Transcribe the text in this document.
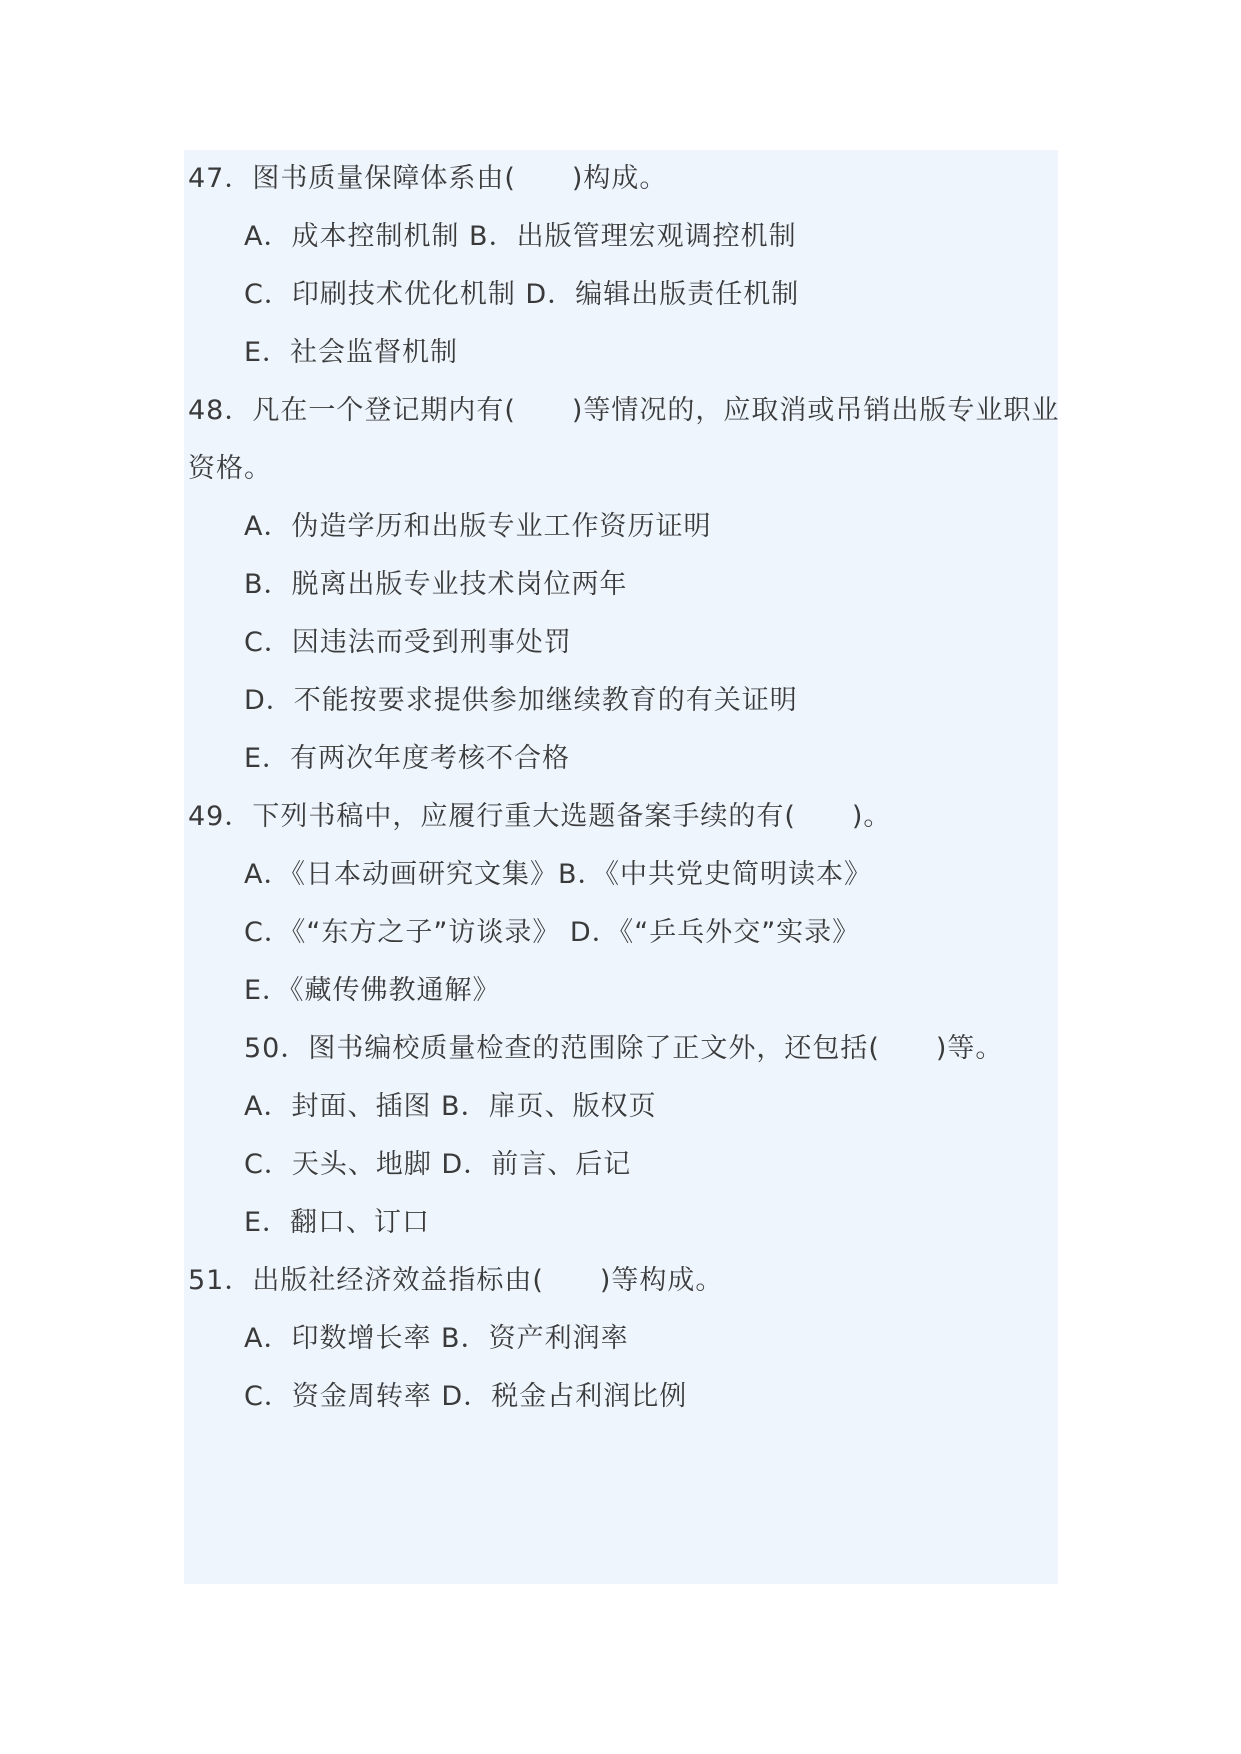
47．图书质量保障体系由(　　)构成。
A．成本控制机制 B．出版管理宏观调控机制
C．印刷技术优化机制 D．编辑出版责任机制
E．社会监督机制
48．凡在一个登记期内有(　　)等情况的，应取消或吊销出版专业职业
资格。
A．伪造学历和出版专业工作资历证明
B．脱离出版专业技术岗位两年
C．因违法而受到刑事处罚
D．不能按要求提供参加继续教育的有关证明
E．有两次年度考核不合格
49．下列书稿中，应履行重大选题备案手续的有(　　)。
A．《日本动画研究文集》B．《中共党史简明读本》
C．《“东方之子”访谈录》 D．《“乒乓外交”实录》
E．《藏传佛教通解》
50．图书编校质量检查的范围除了正文外，还包括(　　)等。
A．封面、插图 B．扉页、版权页
C．天头、地脚 D．前言、后记
E．翻口、订口
51．出版社经济效益指标由(　　)等构成。
A．印数增长率 B．资产利润率
C．资金周转率 D．税金占利润比例
